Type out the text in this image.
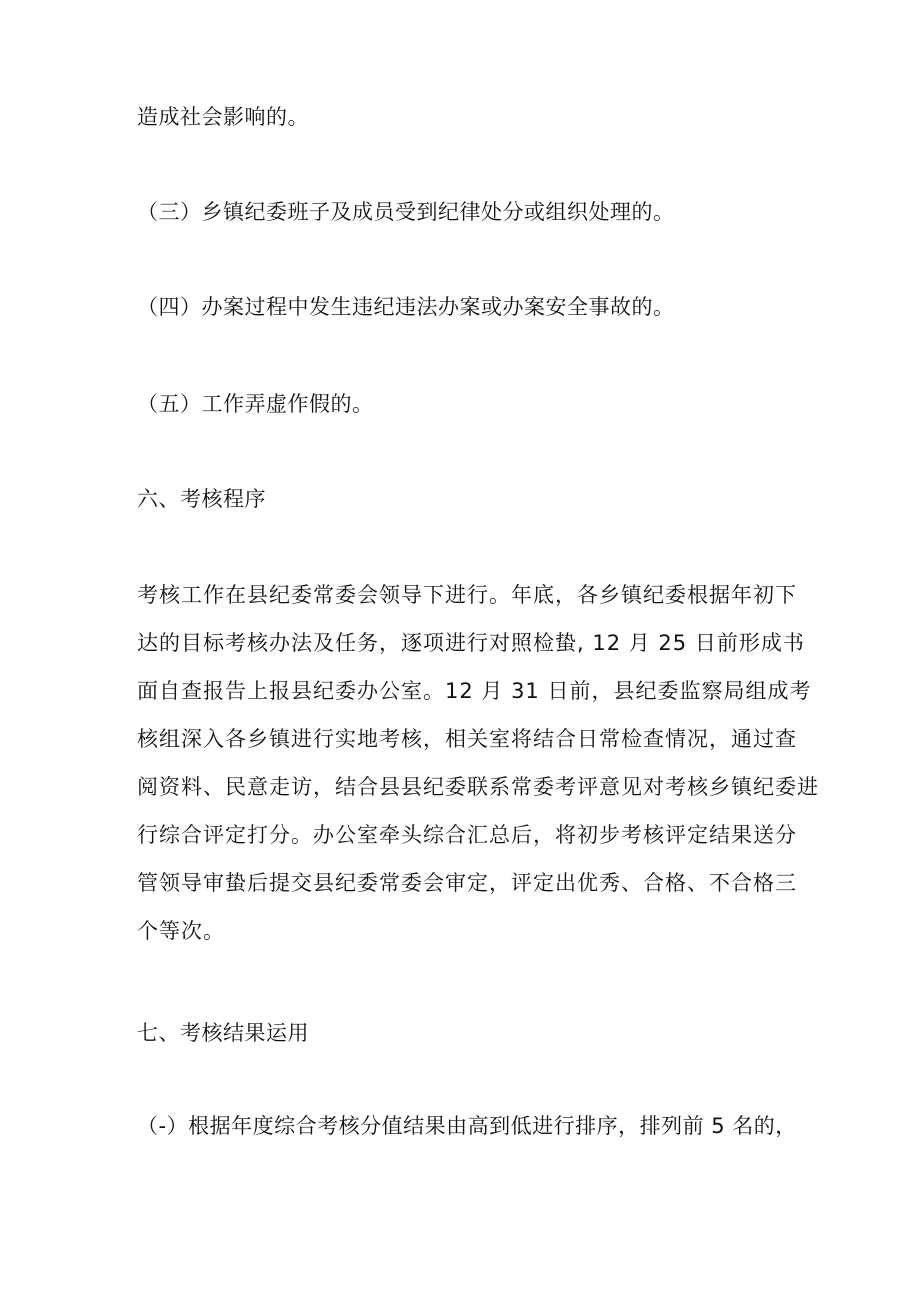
造成社会影响的。
（三）乡镇纪委班子及成员受到纪律处分或组织处理的。
（四）办案过程中发生违纪违法办案或办案安全事故的。
（五）工作弄虚作假的。
六、考核程序
考核工作在县纪委常委会领导下进行。年底，各乡镇纪委根据年初下
达的目标考核办法及任务，逐项进行对照检蛰, 12 月 25 日前形成书
面自查报告上报县纪委办公室。12 月 31 日前，县纪委监察局组成考
核组深入各乡镇进行实地考核，相关室将结合日常检查情况，通过查
阅资料、民意走访，结合县县纪委联系常委考评意见对考核乡镇纪委进
行综合评定打分。办公室牵头综合汇总后，将初步考核评定结果送分
管领导审蛰后提交县纪委常委会审定，评定出优秀、合格、不合格三
个等次。
七、考核结果运用
（-）根据年度综合考核分值结果由高到低进行排序，排列前 5 名的，
